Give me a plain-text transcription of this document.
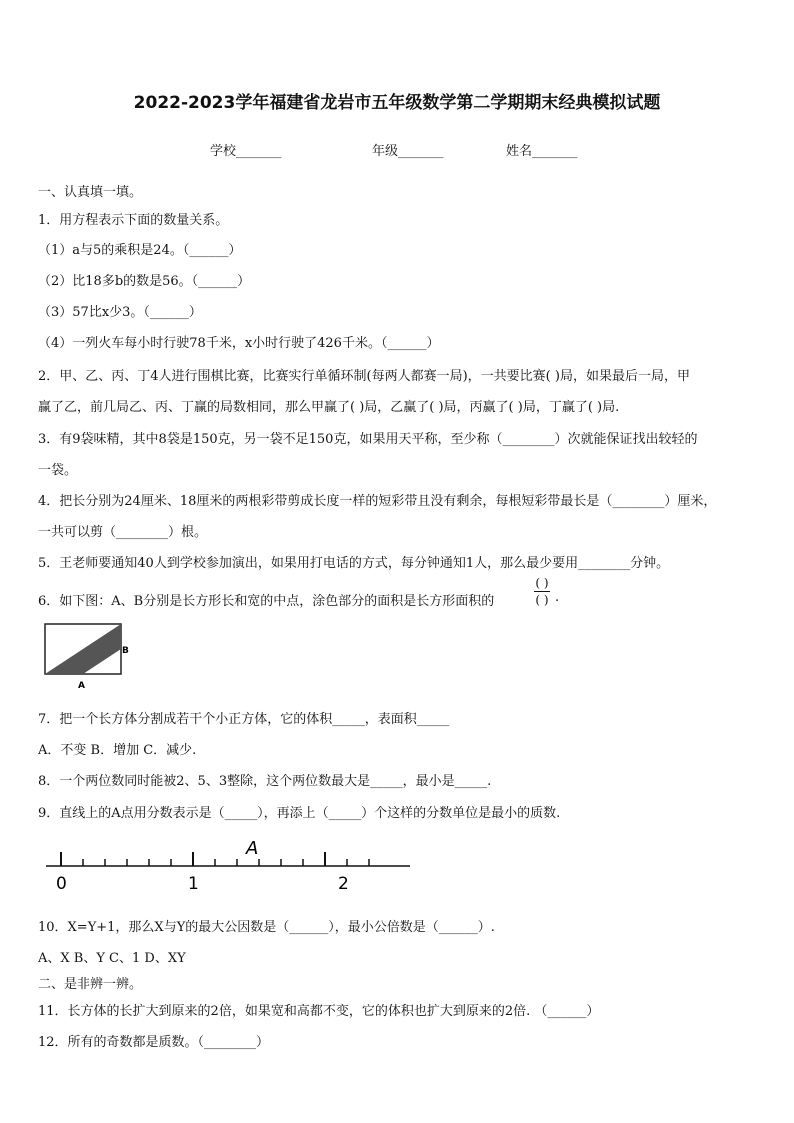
2022-2023学年福建省龙岩市五年级数学第二学期期末经典模拟试题
学校_______	年级_______	姓名_______
一、认真填一填。
1．用方程表示下面的数量关系。
（1）a与5的乘积是24。（______）
（2）比18多b的数是56。（______）
（3）57比x少3。（______）
（4）一列火车每小时行驶78千米，x小时行驶了426千米。（______）
2．甲、乙、丙、丁4人进行围棋比赛，比赛实行单循环制(每两人都赛一局)，一共要比赛( )局，如果最后一局，甲
赢了乙，前几局乙、丙、丁赢的局数相同，那么甲赢了( )局，乙赢了( )局，丙赢了( )局，丁赢了( )局.
3．有9袋味精，其中8袋是150克，另一袋不足150克，如果用天平称，至少称（________）次就能保证找出较轻的
一袋。
4．把长分别为24厘米、18厘米的两根彩带剪成长度一样的短彩带且没有剩余，每根短彩带最长是（________）厘米，
一共可以剪（________）根。
5．王老师要通知40人到学校参加演出，如果用打电话的方式，每分钟通知1人，那么最少要用________分钟。
6．如下图：A、B分别是长方形长和宽的中点，涂色部分的面积是长方形面积的
( )
( ) .
B
A
7．把一个长方体分割成若干个小正方体，它的体积_____，表面积_____
A．不变 B．增加 C．减少.
8．一个两位数同时能被2、5、3整除，这个两位数最大是_____，最小是_____.
9．直线上的A点用分数表示是（_____），再添上（_____）个这样的分数单位是最小的质数.
0	1	2
A
10．X=Y+1，那么X与Y的最大公因数是（______），最小公倍数是（______）.
A、X B、Y C、1 D、XY
二、是非辨一辨。
11．长方体的长扩大到原来的2倍，如果宽和高都不变，它的体积也扩大到原来的2倍. （______）
12．所有的奇数都是质数。（________）
